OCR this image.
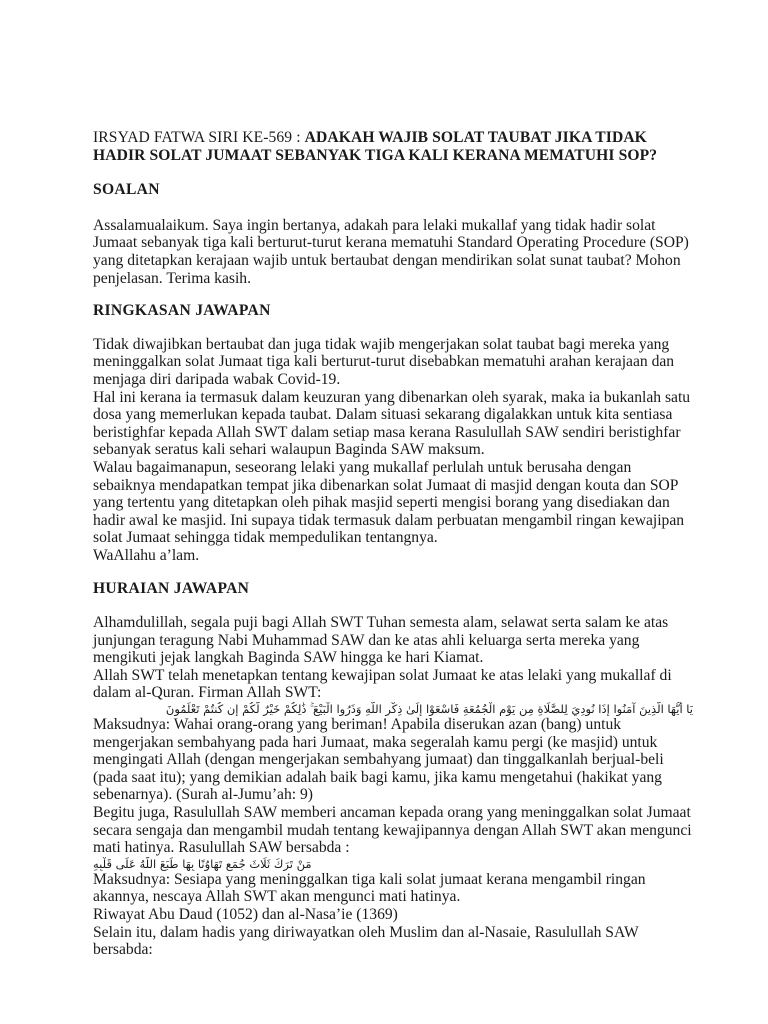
IRSYAD FATWA SIRI KE-569 : ADAKAH WAJIB SOLAT TAUBAT JIKA TIDAK HADIR SOLAT JUMAAT SEBANYAK TIGA KALI KERANA MEMATUHI SOP?
SOALAN

Assalamualaikum. Saya ingin bertanya, adakah para lelaki mukallaf yang tidak hadir solat Jumaat sebanyak tiga kali berturut-turut kerana mematuhi Standard Operating Procedure (SOP) yang ditetapkan kerajaan wajib untuk bertaubat dengan mendirikan solat sunat taubat? Mohon penjelasan. Terima kasih.

RINGKASAN JAWAPAN

Tidak diwajibkan bertaubat dan juga tidak wajib mengerjakan solat taubat bagi mereka yang meninggalkan solat Jumaat tiga kali berturut-turut disebabkan mematuhi arahan kerajaan dan menjaga diri daripada wabak Covid-19.

Hal ini kerana ia termasuk dalam keuzuran yang dibenarkan oleh syarak, maka ia bukanlah satu dosa yang memerlukan kepada taubat. Dalam situasi sekarang digalakkan untuk kita sentiasa beristighfar kepada Allah SWT dalam setiap masa kerana Rasulullah SAW sendiri beristighfar sebanyak seratus kali sehari walaupun Baginda SAW maksum.

Walau bagaimanapun, seseorang lelaki yang mukallaf perlulah untuk berusaha dengan sebaiknya mendapatkan tempat jika dibenarkan solat Jumaat di masjid dengan kouta dan SOP yang tertentu yang ditetapkan oleh pihak masjid seperti mengisi borang yang disediakan dan hadir awal ke masjid. Ini supaya tidak termasuk dalam perbuatan mengambil ringan kewajipan solat Jumaat sehingga tidak mempedulikan tentangnya.

WaAllahu a’lam.

HURAIAN JAWAPAN

Alhamdulillah, segala puji bagi Allah SWT Tuhan semesta alam, selawat serta salam ke atas junjungan teragung Nabi Muhammad SAW dan ke atas ahli keluarga serta mereka yang mengikuti jejak langkah Baginda SAW hingga ke hari Kiamat.

Allah SWT telah menetapkan tentang kewajipan solat Jumaat ke atas lelaki yang mukallaf di dalam al-Quran. Firman Allah SWT:

يَا أَيُّهَا الَّذِينَ آمَنُوا إِذَا نُودِيَ لِلصَّلَاةِ مِن يَوْمِ الْجُمُعَةِ فَاسْعَوْا إِلَىٰ ذِكْرِ اللَّهِ وَذَرُوا الْبَيْعَ ۚ ذَٰلِكُمْ خَيْرٌ لَّكُمْ إِن كُنتُمْ تَعْلَمُونَ

Maksudnya: Wahai orang-orang yang beriman! Apabila diserukan azan (bang) untuk mengerjakan sembahyang pada hari Jumaat, maka segeralah kamu pergi (ke masjid) untuk mengingati Allah (dengan mengerjakan sembahyang jumaat) dan tinggalkanlah berjual-beli (pada saat itu); yang demikian adalah baik bagi kamu, jika kamu mengetahui (hakikat yang sebenarnya). (Surah al-Jumu’ah: 9)

Begitu juga, Rasulullah SAW memberi ancaman kepada orang yang meninggalkan solat Jumaat secara sengaja dan mengambil mudah tentang kewajipannya dengan Allah SWT akan mengunci mati hatinya. Rasulullah SAW bersabda :

مَنْ تَرَكَ ثَلَاثَ جُمَعٍ تَهَاوُنًا بِهَا طَبَعَ اللَّهُ عَلَى قَلْبِهِ

Maksudnya: Sesiapa yang meninggalkan tiga kali solat jumaat kerana mengambil ringan akannya, nescaya Allah SWT akan mengunci mati hatinya.

Riwayat Abu Daud (1052) dan al-Nasa’ie (1369)

Selain itu, dalam hadis yang diriwayatkan oleh Muslim dan al-Nasaie, Rasulullah SAW bersabda:
